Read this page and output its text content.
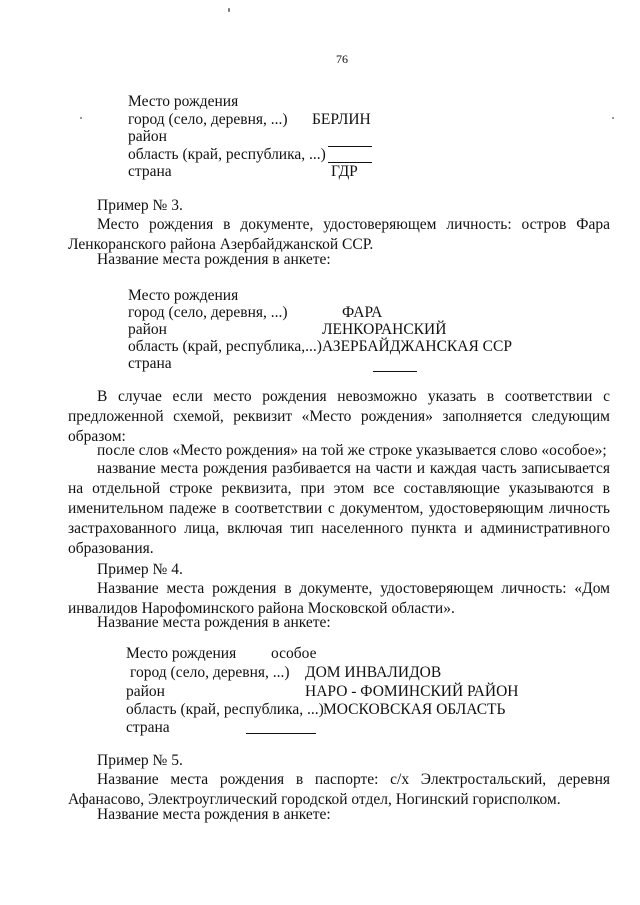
76
Место рождения
город (село, деревня, ...) БЕРЛИН
район
область (край, республика, ...)
страна	ГДР
Пример № 3.
Место рождения в документе, удостоверяющем личность: остров Фара Ленкоранского района Азербайджанской ССР.
Название места рождения в анкете:
Место рождения
город (село, деревня, ...)	ФАРА
район	ЛЕНКОРАНСКИЙ
область (край, республика,...) АЗЕРБАЙДЖАНСКАЯ ССР
страна
В случае если место рождения невозможно указать в соответствии с предложенной схемой, реквизит «Место рождения» заполняется следующим образом:
после слов «Место рождения» на той же строке указывается слово «особое»;
название места рождения разбивается на части и каждая часть записывается на отдельной строке реквизита, при этом все составляющие указываются в именительном падеже в соответствии с документом, удостоверяющим личность застрахованного лица, включая тип населенного пункта и административного образования.
Пример № 4.
Название места рождения в документе, удостоверяющем личность: «Дом инвалидов Нарофоминского района Московской области».
Название места рождения в анкете:
Место рождения особое
город (село, деревня, ...) ДОМ ИНВАЛИДОВ
район	НАРО - ФОМИНСКИЙ РАЙОН
область (край, республика, ...) МОСКОВСКАЯ ОБЛАСТЬ
страна
Пример № 5.
Название места рождения в паспорте: с/х Электростальский, деревня Афанасово, Электроуглический городской отдел, Ногинский горисполком.
Название места рождения в анкете:
